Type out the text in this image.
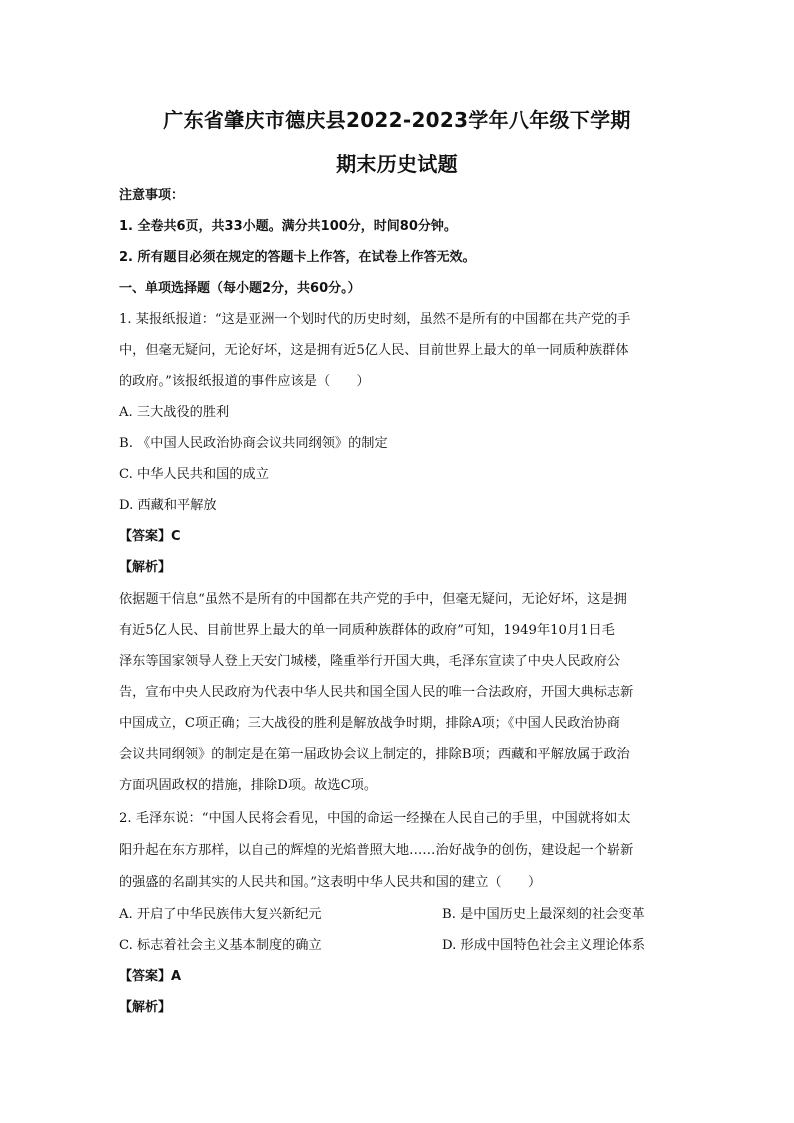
广东省肇庆市德庆县2022-2023学年八年级下学期
期末历史试题
注意事项：
1. 全卷共6页，共33小题。满分共100分，时间80分钟。
2. 所有题目必须在规定的答题卡上作答，在试卷上作答无效。
一、单项选择题（每小题2分，共60分。）
1. 某报纸报道：“这是亚洲一个划时代的历史时刻，虽然不是所有的中国都在共产党的手
中，但毫无疑问，无论好坏，这是拥有近5亿人民、目前世界上最大的单一同质种族群体
的政府。”该报纸报道的事件应该是（　　）
A. 三大战役的胜利
B. 《中国人民政治协商会议共同纲领》的制定
C. 中华人民共和国的成立
D. 西藏和平解放
【答案】C
【解析】
依据题干信息“虽然不是所有的中国都在共产党的手中，但毫无疑问，无论好坏，这是拥
有近5亿人民、目前世界上最大的单一同质种族群体的政府”可知，1949年10月1日毛
泽东等国家领导人登上天安门城楼，隆重举行开国大典，毛泽东宣读了中央人民政府公
告，宣布中央人民政府为代表中华人民共和国全国人民的唯一合法政府，开国大典标志新
中国成立，C项正确；三大战役的胜利是解放战争时期，排除A项；《中国人民政治协商
会议共同纲领》的制定是在第一届政协会议上制定的，排除B项；西藏和平解放属于政治
方面巩固政权的措施，排除D项。故选C项。
2. 毛泽东说：“中国人民将会看见，中国的命运一经操在人民自己的手里，中国就将如太
阳升起在东方那样，以自己的辉煌的光焰普照大地……治好战争的创伤，建设起一个崭新
的强盛的名副其实的人民共和国。”这表明中华人民共和国的建立（　　）
A. 开启了中华民族伟大复兴新纪元	B. 是中国历史上最深刻的社会变革
C. 标志着社会主义基本制度的确立	D. 形成中国特色社会主义理论体系
【答案】A
【解析】
